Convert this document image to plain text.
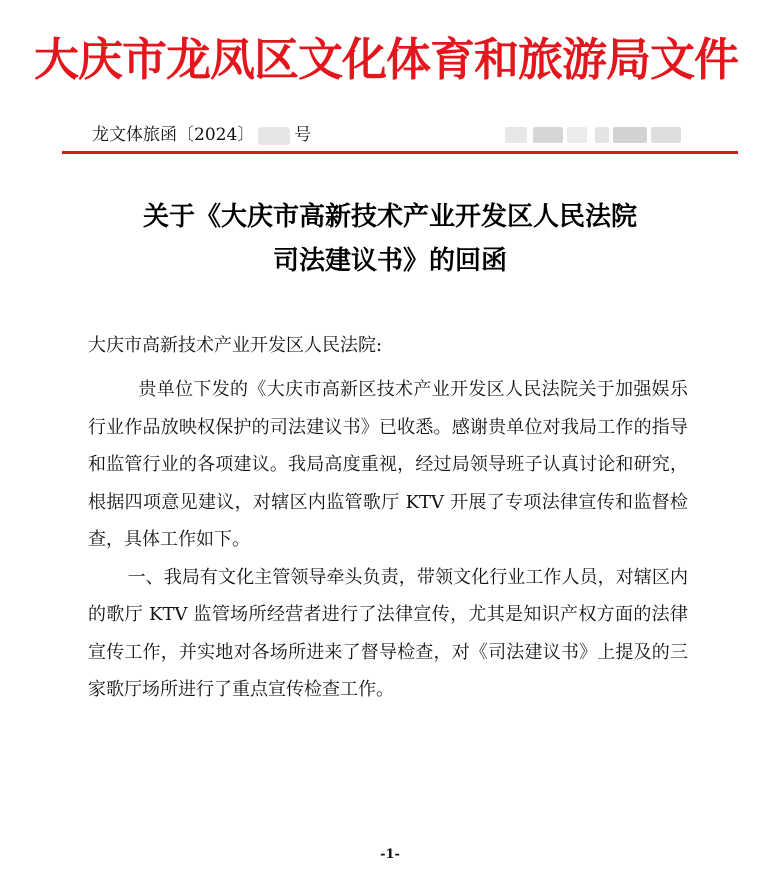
大庆市龙凤区文化体育和旅游局文件
龙文体旅函〔2024〕 号
关于《大庆市高新技术产业开发区人民法院
司法建议书》的回函
大庆市高新技术产业开发区人民法院:

贵单位下发的《大庆市高新区技术产业开发区人民法院关于加强娱乐行业作品放映权保护的司法建议书》已收悉。感谢贵单位对我局工作的指导和监管行业的各项建议。我局高度重视，经过局领导班子认真讨论和研究，根据四项意见建议，对辖区内监管歌厅 KTV 开展了专项法律宣传和监督检查，具体工作如下。

一、我局有文化主管领导牵头负责，带领文化行业工作人员，对辖区内的歌厅 KTV 监管场所经营者进行了法律宣传，尤其是知识产权方面的法律宣传工作，并实地对各场所进来了督导检查，对《司法建议书》上提及的三家歌厅场所进行了重点宣传检查工作。

-1-
